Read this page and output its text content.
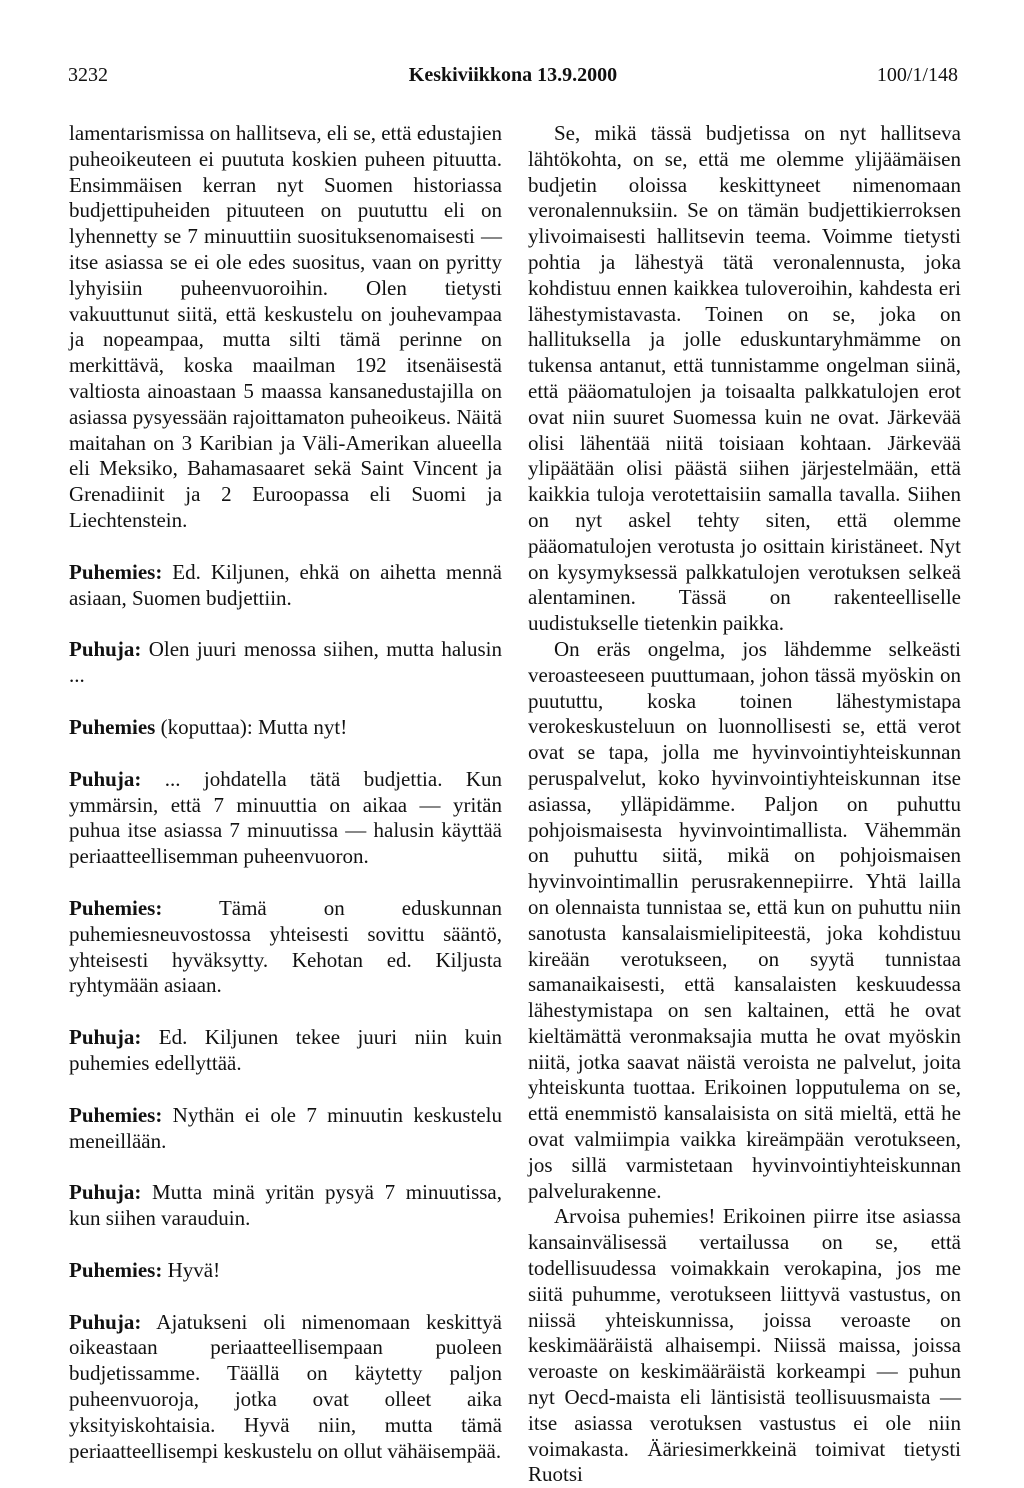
3232	Keskiviikkona 13.9.2000	100/1/148

lamentarismissa on hallitseva, eli se, että edustajien puheoikeuteen ei puututa koskien puheen pituutta. Ensimmäisen kerran nyt Suomen historiassa budjettipuheiden pituuteen on puututtu eli on lyhennetty se 7 minuuttiin suosituksenomaisesti — itse asiassa se ei ole edes suositus, vaan on pyritty lyhyisiin puheenvuoroihin. Olen tietysti vakuuttunut siitä, että keskustelu on jouhevampaa ja nopeampaa, mutta silti tämä perinne on merkittävä, koska maailman 192 itsenäisestä valtiosta ainoastaan 5 maassa kansanedustajilla on asiassa pysyessään rajoittamaton puheoikeus. Näitä maitahan on 3 Karibian ja Väli-Amerikan alueella eli Meksiko, Bahamasaaret sekä Saint Vincent ja Grenadiinit ja 2 Euroopassa eli Suomi ja Liechtenstein.

Puhemies: Ed. Kiljunen, ehkä on aihetta mennä asiaan, Suomen budjettiin.

Puhuja: Olen juuri menossa siihen, mutta halusin ...

Puhemies (koputtaa): Mutta nyt!

Puhuja: ... johdatella tätä budjettia. Kun ymmärsin, että 7 minuuttia on aikaa — yritän puhua itse asiassa 7 minuutissa — halusin käyttää periaatteellisemman puheenvuoron.

Puhemies:	Tämä on eduskunnan puhemiesneuvostossa yhteisesti sovittu sääntö, yhteisesti hyväksytty. Kehotan ed. Kiljusta ryhtymään asiaan.

Puhuja: Ed. Kiljunen tekee juuri niin kuin puhemies edellyttää.

Puhemies: Nythän ei ole 7 minuutin keskustelu meneillään.

Puhuja: Mutta minä yritän pysyä 7 minuutissa, kun siihen varauduin.

Puhemies: Hyvä!

Puhuja: Ajatukseni oli nimenomaan keskittyä oikeastaan periaatteellisempaan puoleen budjetissamme. Täällä on käytetty paljon puheenvuoroja, jotka ovat olleet aika yksityiskohtaisia. Hyvä niin, mutta tämä periaatteellisempi keskustelu on ollut vähäisempää.

Se, mikä tässä budjetissa on nyt hallitseva lähtökohta, on se, että me olemme ylijäämäisen budjetin oloissa keskittyneet nimenomaan veronalennuksiin. Se on tämän budjettikierroksen ylivoimaisesti hallitsevin teema. Voimme tietysti pohtia ja lähestyä tätä veronalennusta, joka kohdistuu ennen kaikkea tuloveroihin, kahdesta eri lähestymistavasta. Toinen on se, joka on hallituksella ja jolle eduskuntaryhmämme on tukensa antanut, että tunnistamme ongelman siinä, että pääomatulojen ja toisaalta palkkatulojen erot ovat niin suuret Suomessa kuin ne ovat. Järkevää olisi lähentää niitä toisiaan kohtaan. Järkevää ylipäätään olisi päästä siihen järjestelmään, että kaikkia tuloja verotettaisiin samalla tavalla. Siihen on nyt askel tehty siten, että olemme pääomatulojen verotusta jo osittain kiristäneet. Nyt on kysymyksessä palkkatulojen verotuksen selkeä alentaminen. Tässä on rakenteelliselle uudistukselle tietenkin paikka.

On eräs ongelma, jos lähdemme selkeästi veroasteeseen puuttumaan, johon tässä myöskin on puututtu, koska toinen lähestymistapa verokeskusteluun on luonnollisesti se, että verot ovat se tapa, jolla me hyvinvointiyhteiskunnan peruspalvelut, koko hyvinvointiyhteiskunnan itse asiassa, ylläpidämme. Paljon on puhuttu pohjoismaisesta hyvinvointimallista. Vähemmän on puhuttu siitä, mikä on pohjoismaisen hyvinvointimallin perusrakennepiirre. Yhtä lailla on olennaista tunnistaa se, että kun on puhuttu niin sanotusta kansalaismielipiteestä, joka kohdistuu kireään verotukseen, on syytä tunnistaa samanaikaisesti, että kansalaisten keskuudessa lähestymistapa on sen kaltainen, että he ovat kieltämättä veronmaksajia mutta he ovat myöskin niitä, jotka saavat näistä veroista ne palvelut, joita yhteiskunta tuottaa. Erikoinen lopputulema on se, että enemmistö kansalaisista on sitä mieltä, että he ovat valmiimpia vaikka kireämpään verotukseen, jos sillä varmistetaan hyvinvointiyhteiskunnan palvelurakenne.

Arvoisa puhemies! Erikoinen piirre itse asiassa kansainvälisessä vertailussa on se, että todellisuudessa voimakkain verokapina, jos me siitä puhumme, verotukseen liittyvä vastustus, on niissä yhteiskunnissa, joissa veroaste on keskimääräistä alhaisempi. Niissä maissa, joissa veroaste on keskimääräistä korkeampi — puhun nyt Oecd-maista eli läntisistä teollisuusmaista — itse asiassa verotuksen vastustus ei ole niin voimakasta. Ääriesimerkkeinä toimivat tietysti Ruotsi
